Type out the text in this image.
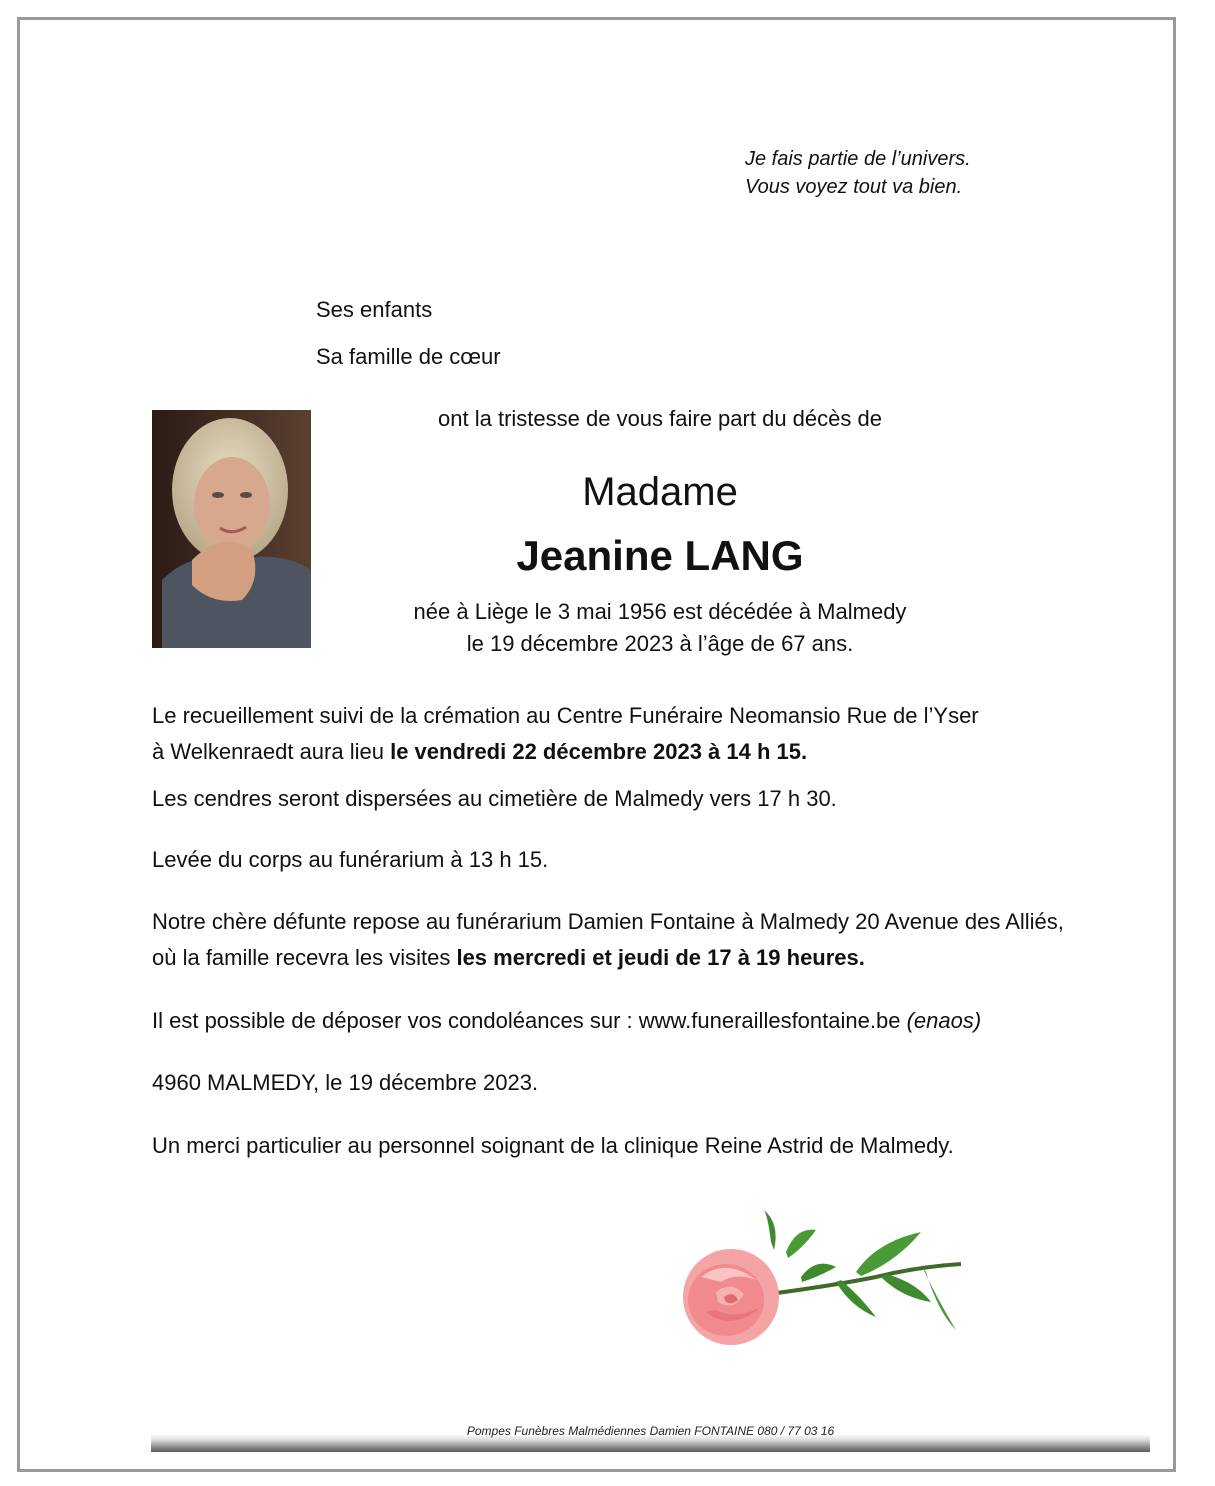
Je fais partie de l’univers.
Vous voyez tout va bien.
Ses enfants
Sa famille de cœur
ont la tristesse de vous faire part du décès de
Madame
Jeanine LANG
née à Liège le 3 mai 1956 est décédée à Malmedy
le 19 décembre 2023 à l’âge de 67 ans.
Le recueillement suivi de la crémation au Centre Funéraire Neomansio Rue de l’Yser
à Welkenraedt aura lieu le vendredi 22 décembre 2023 à 14 h 15.
Les cendres seront dispersées au cimetière de Malmedy vers 17 h 30.
Levée du corps au funérarium à 13 h 15.
Notre chère défunte repose au funérarium Damien Fontaine à Malmedy 20 Avenue des Alliés,
où la famille recevra les visites les mercredi et jeudi de 17 à 19 heures.
Il est possible de déposer vos condoléances sur : www.funeraillesfontaine.be (enaos)
4960 MALMEDY, le 19 décembre 2023.
Un merci particulier au personnel soignant de la clinique Reine Astrid de Malmedy.
Pompes Funèbres Malmédiennes Damien FONTAINE 080 / 77 03 16
